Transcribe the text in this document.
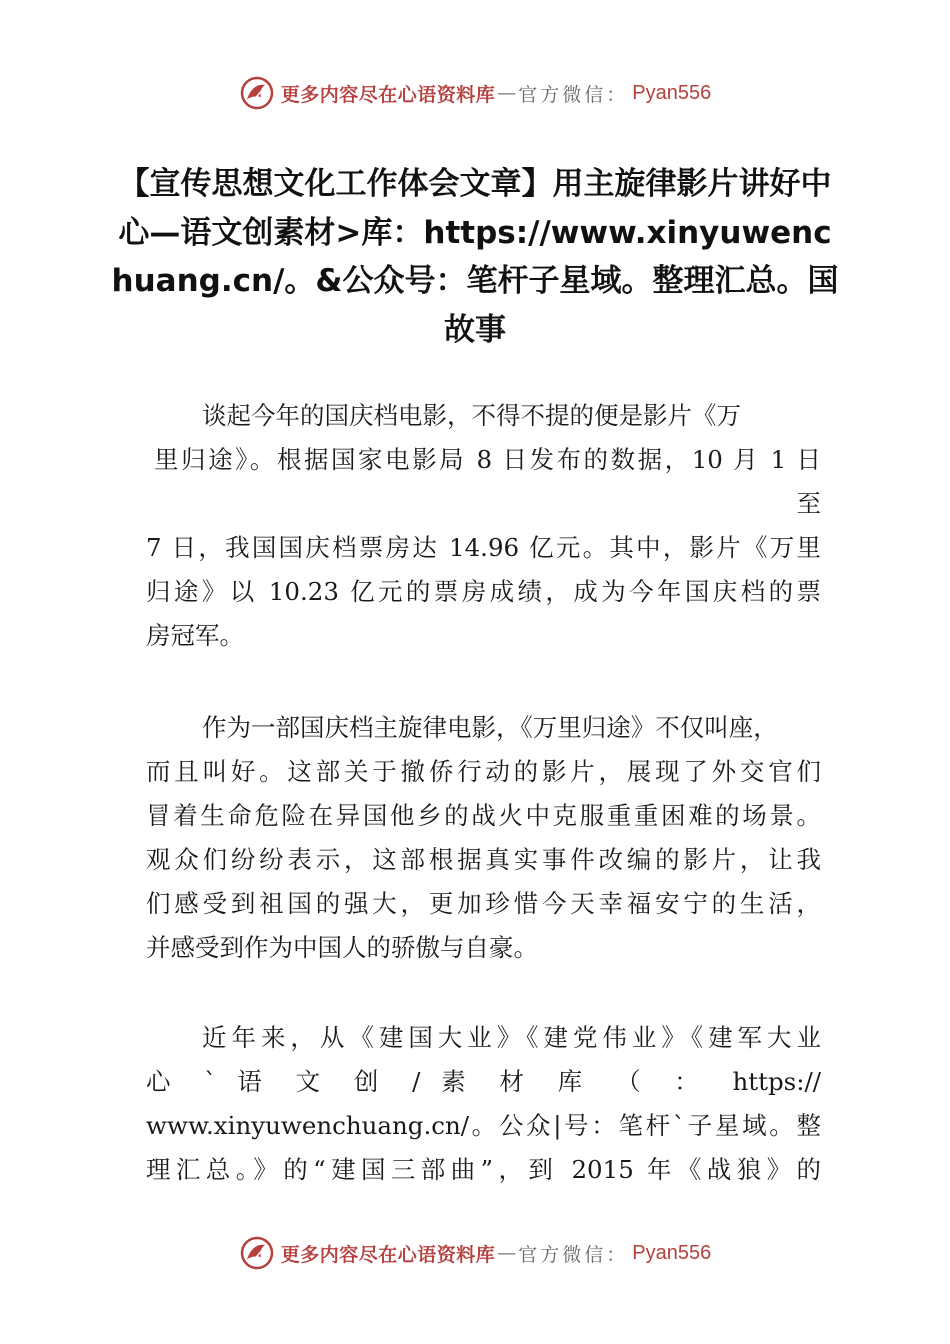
更多内容尽在心语资料库 — 官方微信： Pyan556
【宣传思想文化工作体会文章】用主旋律影片讲好中心—语文创素材>库：https://www.xinyuwenchuang.cn/。&公众号：笔杆子星域。整理汇总。国故事
谈起今年的国庆档电影，不得不提的便是影片《万
里归途》。根据国家电影局 8 日发布的数据，10 月 1 日
至
7 日，我国国庆档票房达 14.96 亿元。其中，影片《万里
归途》以 10.23 亿元的票房成绩，成为今年国庆档的票
房冠军。
作为一部国庆档主旋律电影，《万里归途》不仅叫座，
而且叫好。这部关于撤侨行动的影片，展现了外交官们
冒着生命危险在异国他乡的战火中克服重重困难的场景。
观众们纷纷表示，这部根据真实事件改编的影片，让我
们感受到祖国的强大，更加珍惜今天幸福安宁的生活，
并感受到作为中国人的骄傲与自豪。
近年来，从《建国大业》《建党伟业》《建军大业
心 ` 语 文 创 / 素 材 库 （ ： https://
www.xinyuwenchuang.cn/。公众|号：笔杆`子星域。整
理汇总。》的“建国三部曲”，到 2015 年《战狼》的
更多内容尽在心语资料库 — 官方微信： Pyan556
